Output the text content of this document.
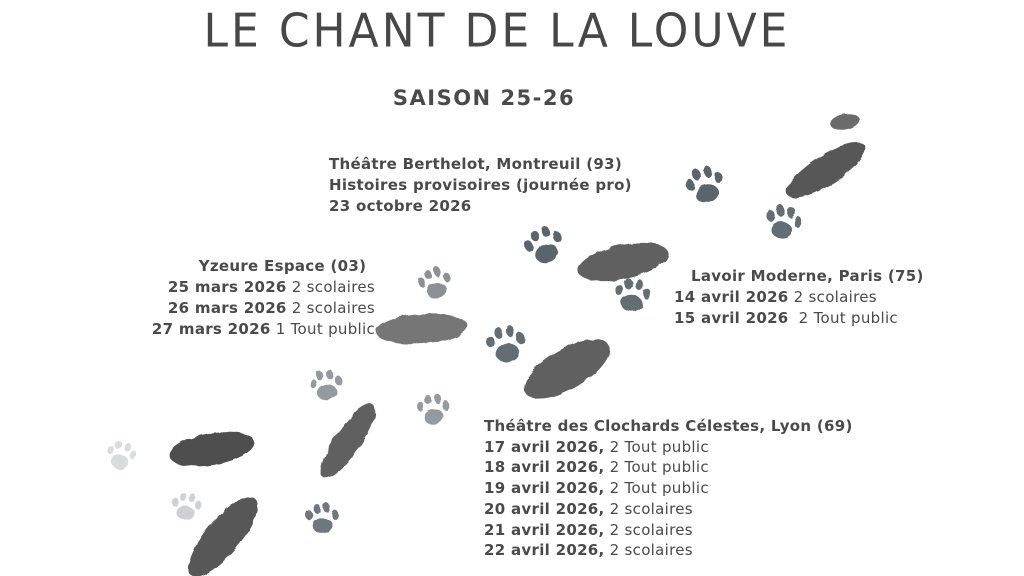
LE CHANT DE LA LOUVE
SAISON 25-26
Théâtre Berthelot, Montreuil (93)
Histoires provisoires (journée pro)
23 octobre 2026
Yzeure Espace (03)
25 mars 2026 2 scolaires
26 mars 2026 2 scolaires
27 mars 2026 1 Tout public
Lavoir Moderne, Paris (75)
14 avril 2026 2 scolaires
15 avril 2026  2 Tout public
Théâtre des Clochards Célestes, Lyon (69)
17 avril 2026, 2 Tout public
18 avril 2026, 2 Tout public
19 avril 2026, 2 Tout public
20 avril 2026, 2 scolaires
21 avril 2026, 2 scolaires
22 avril 2026, 2 scolaires
